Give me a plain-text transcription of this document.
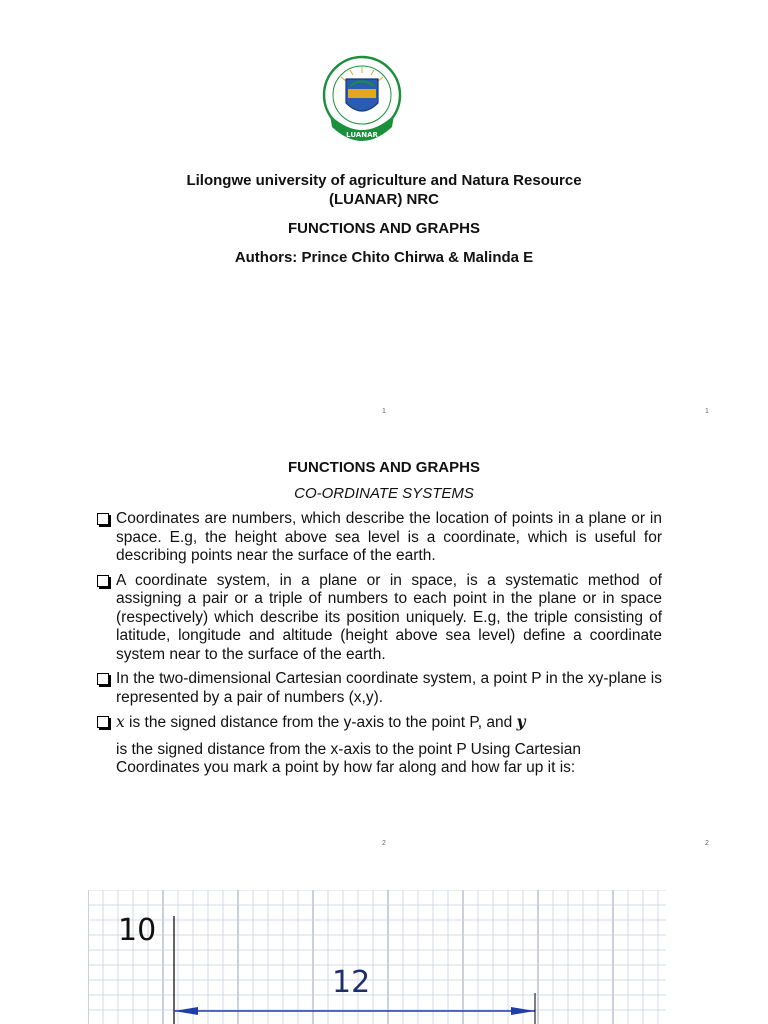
LUANAR
Lilongwe university of agriculture and Natura Resource
(LUANAR) NRC
FUNCTIONS AND GRAPHS
Authors: Prince Chito Chirwa & Malinda E
1	1
FUNCTIONS AND GRAPHS
CO-ORDINATE SYSTEMS
Coordinates are numbers, which describe the location of points in a plane or in space. E.g, the height above sea level is a coordinate, which is useful for describing points near the surface of the earth.
A coordinate system, in a plane or in space, is a systematic method of assigning a pair or a triple of numbers to each point in the plane or in space (respectively) which describe its position uniquely. E.g, the triple consisting of latitude, longitude and altitude (height above sea level) define a coordinate system near to the surface of the earth.
In the two-dimensional Cartesian coordinate system, a point P in the xy-plane is represented by a pair of numbers (x,y).
x is the signed distance from the y-axis to the point P, and y
is the signed distance from the x-axis to the point P Using Cartesian Coordinates you mark a point by how far along and how far up it is:
2	2
10
12
